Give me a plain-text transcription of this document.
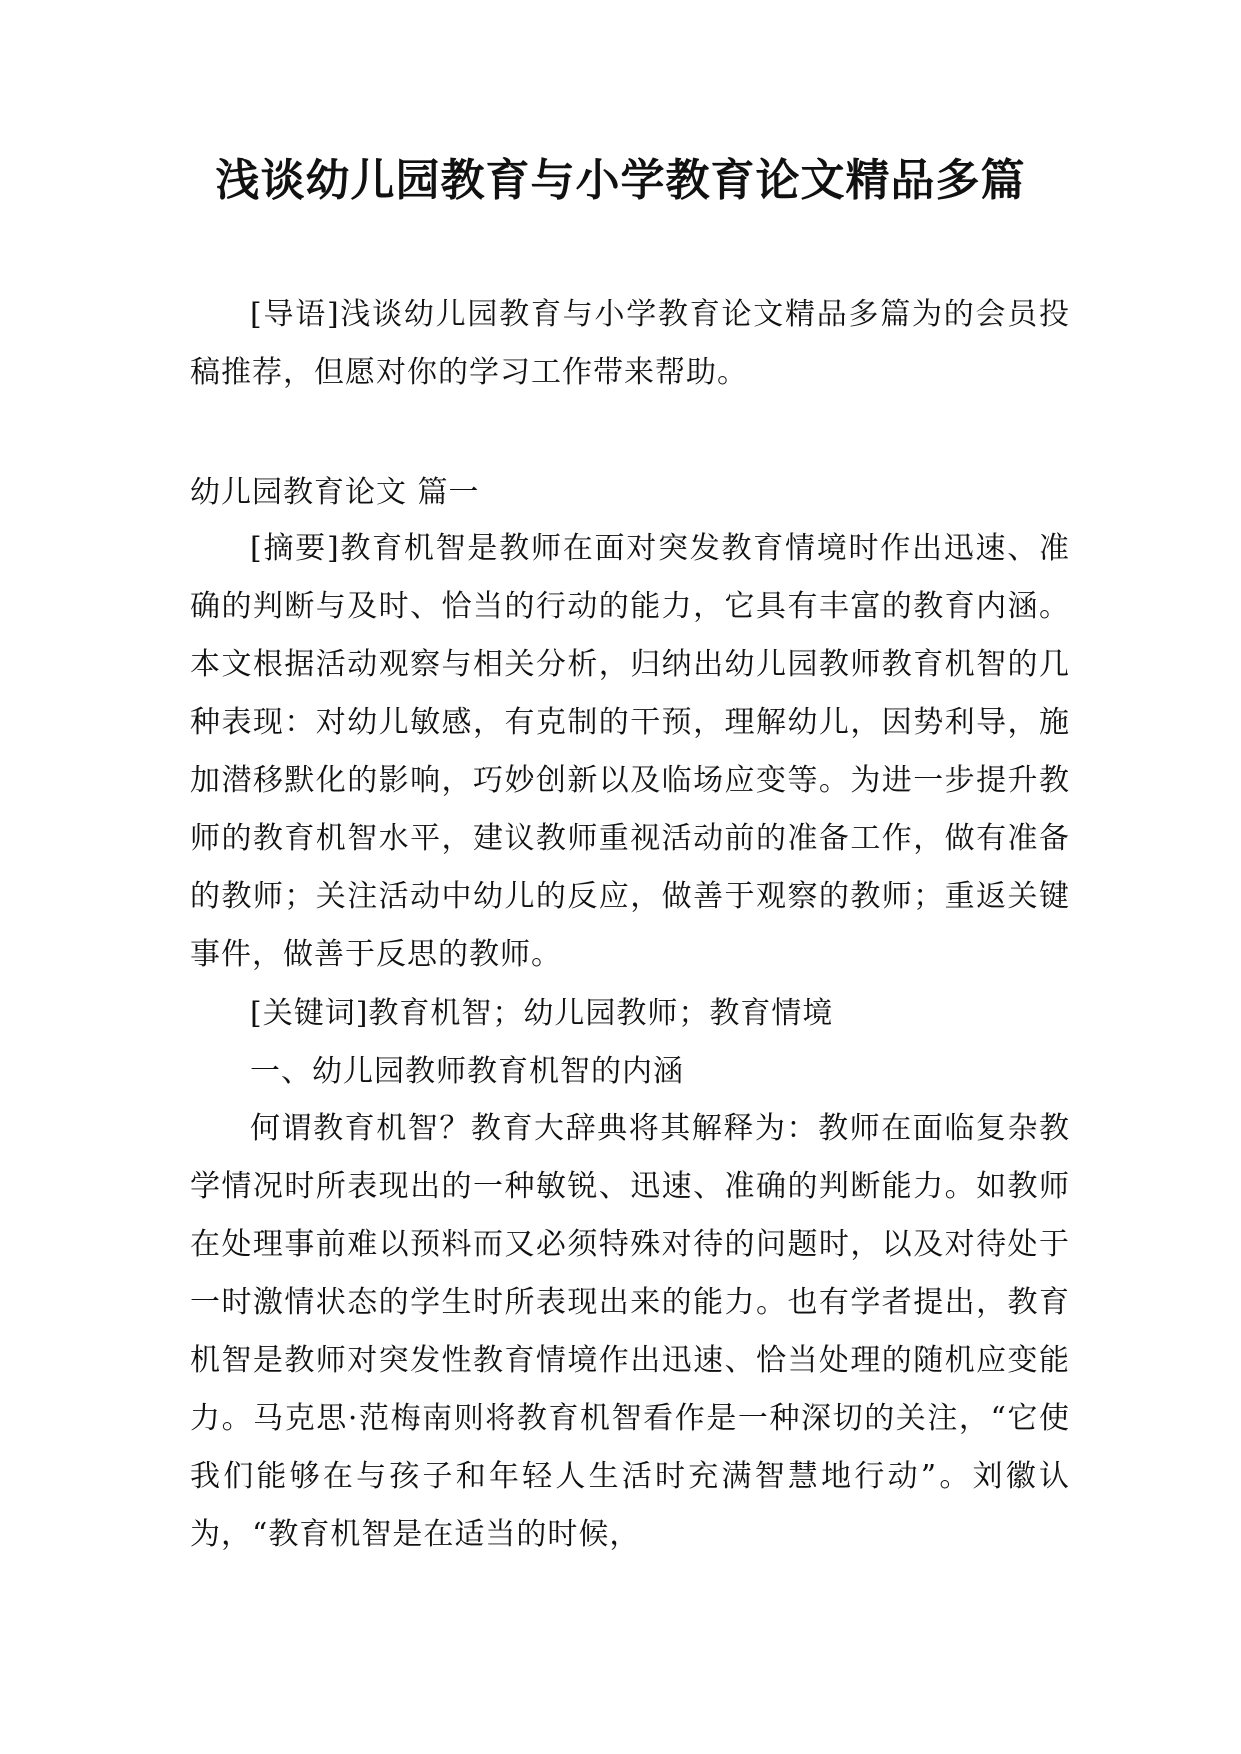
浅谈幼儿园教育与小学教育论文精品多篇

[导语]浅谈幼儿园教育与小学教育论文精品多篇为的会员投稿推荐，但愿对你的学习工作带来帮助。

幼儿园教育论文 篇一

[摘要]教育机智是教师在面对突发教育情境时作出迅速、准确的判断与及时、恰当的行动的能力，它具有丰富的教育内涵。本文根据活动观察与相关分析，归纳出幼儿园教师教育机智的几种表现：对幼儿敏感，有克制的干预，理解幼儿，因势利导，施加潜移默化的影响，巧妙创新以及临场应变等。为进一步提升教师的教育机智水平，建议教师重视活动前的准备工作，做有准备的教师；关注活动中幼儿的反应，做善于观察的教师；重返关键事件，做善于反思的教师。

[关键词]教育机智；幼儿园教师；教育情境

一、幼儿园教师教育机智的内涵

何谓教育机智？教育大辞典将其解释为：教师在面临复杂教学情况时所表现出的一种敏锐、迅速、准确的判断能力。如教师在处理事前难以预料而又必须特殊对待的问题时，以及对待处于一时激情状态的学生时所表现出来的能力。也有学者提出，教育机智是教师对突发性教育情境作出迅速、恰当处理的随机应变能力。马克思·范梅南则将教育机智看作是一种深切的关注，“它使我们能够在与孩子和年轻人生活时充满智慧地行动”。刘徽认为，“教育机智是在适当的时候，
